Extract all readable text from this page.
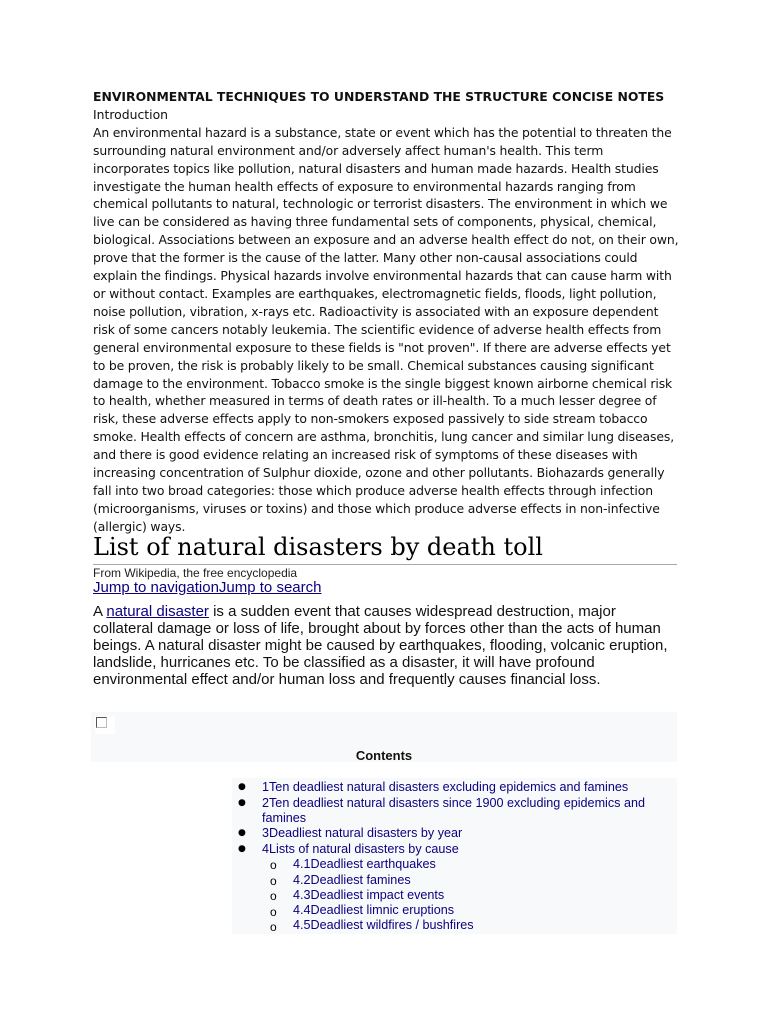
ENVIRONMENTAL TECHNIQUES TO UNDERSTAND THE STRUCTURE CONCISE NOTES
Introduction

An environmental hazard is a substance, state or event which has the potential to threaten the surrounding natural environment and/or adversely affect human's health. This term incorporates topics like pollution, natural disasters and human made hazards. Health studies investigate the human health effects of exposure to environmental hazards ranging from chemical pollutants to natural, technologic or terrorist disasters. The environment in which we live can be considered as having three fundamental sets of components, physical, chemical, biological. Associations between an exposure and an adverse health effect do not, on their own, prove that the former is the cause of the latter. Many other non-causal associations could explain the findings. Physical hazards involve environmental hazards that can cause harm with or without contact. Examples are earthquakes, electromagnetic fields, floods, light pollution, noise pollution, vibration, x-rays etc. Radioactivity is associated with an exposure dependent risk of some cancers notably leukemia. The scientific evidence of adverse health effects from general environmental exposure to these fields is "not proven". If there are adverse effects yet to be proven, the risk is probably likely to be small. Chemical substances causing significant damage to the environment. Tobacco smoke is the single biggest known airborne chemical risk to health, whether measured in terms of death rates or ill-health. To a much lesser degree of risk, these adverse effects apply to non-smokers exposed passively to side stream tobacco smoke. Health effects of concern are asthma, bronchitis, lung cancer and similar lung diseases, and there is good evidence relating an increased risk of symptoms of these diseases with increasing concentration of Sulphur dioxide, ozone and other pollutants. Biohazards generally fall into two broad categories: those which produce adverse health effects through infection (microorganisms, viruses or toxins) and those which produce adverse effects in non-infective (allergic) ways.

List of natural disasters by death toll
From Wikipedia, the free encyclopedia
Jump to navigationJump to search
A natural disaster is a sudden event that causes widespread destruction, major collateral damage or loss of life, brought about by forces other than the acts of human beings. A natural disaster might be caused by earthquakes, flooding, volcanic eruption, landslide, hurricanes etc. To be classified as a disaster, it will have profound environmental effect and/or human loss and frequently causes financial loss.
Contents
● 1Ten deadliest natural disasters excluding epidemics and famines
● 2Ten deadliest natural disasters since 1900 excluding epidemics and
famines
● 3Deadliest natural disasters by year
● 4Lists of natural disasters by cause
o 4.1Deadliest earthquakes
o 4.2Deadliest famines
o 4.3Deadliest impact events
o 4.4Deadliest limnic eruptions
o 4.5Deadliest wildfires / bushfires
